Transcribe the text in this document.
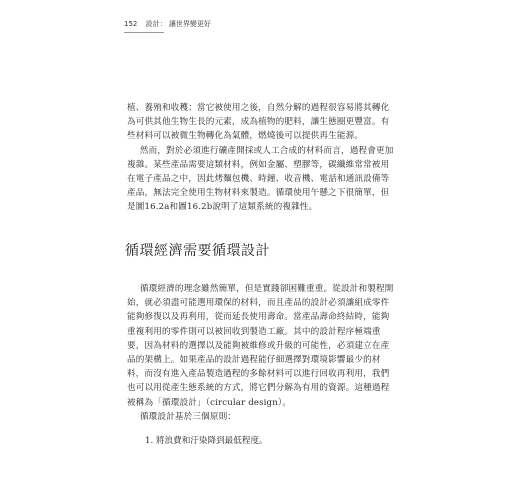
152 設計： 讓世界變更好

植、養殖和收穫；當它被使用之後，自然分解的過程很容易將其轉化為可供其他生物生長的元素，成為植物的肥料，讓生態圈更豐富。有些材料可以被微生物轉化為氣體，燃燒後可以提供再生能源。

然而，對於必須進行礦產開採或人工合成的材料而言，過程會更加複雜。某些產品需要這類材料，例如金屬、塑膠等，碳纖維常常被用在電子產品之中，因此烤麵包機、時鐘、收音機、電話和通訊設備等產品，無法完全使用生物材料來製造。循環使用午懸之下很簡單，但是圖16.2a和圖16.2b說明了這類系統的複雜性。

循環經濟需要循環設計

循環經濟的理念雖然簡單，但是實踐卻困難重重。從設計和製程開始，就必須盡可能選用環保的材料，而且產品的設計必須讓組成零件能夠修復以及再利用，從而延長使用壽命。當產品壽命終結時，能夠重複利用的零件則可以被回收到製造工廠。其中的設計程序極端重要，因為材料的選擇以及能夠被維修或升級的可能性，必須建立在產品的架構上。如果產品的設計過程能仔細選擇對環境影響最少的材料，而沒有進入產品製造過程的多餘材料可以進行回收再利用，我們也可以用從產生態系統的方式，將它們分解為有用的資源。這種過程被稱為「循環設計」（circular design）。

循環設計基於三個原則：

1. 將浪費和汙染降到最低程度。
